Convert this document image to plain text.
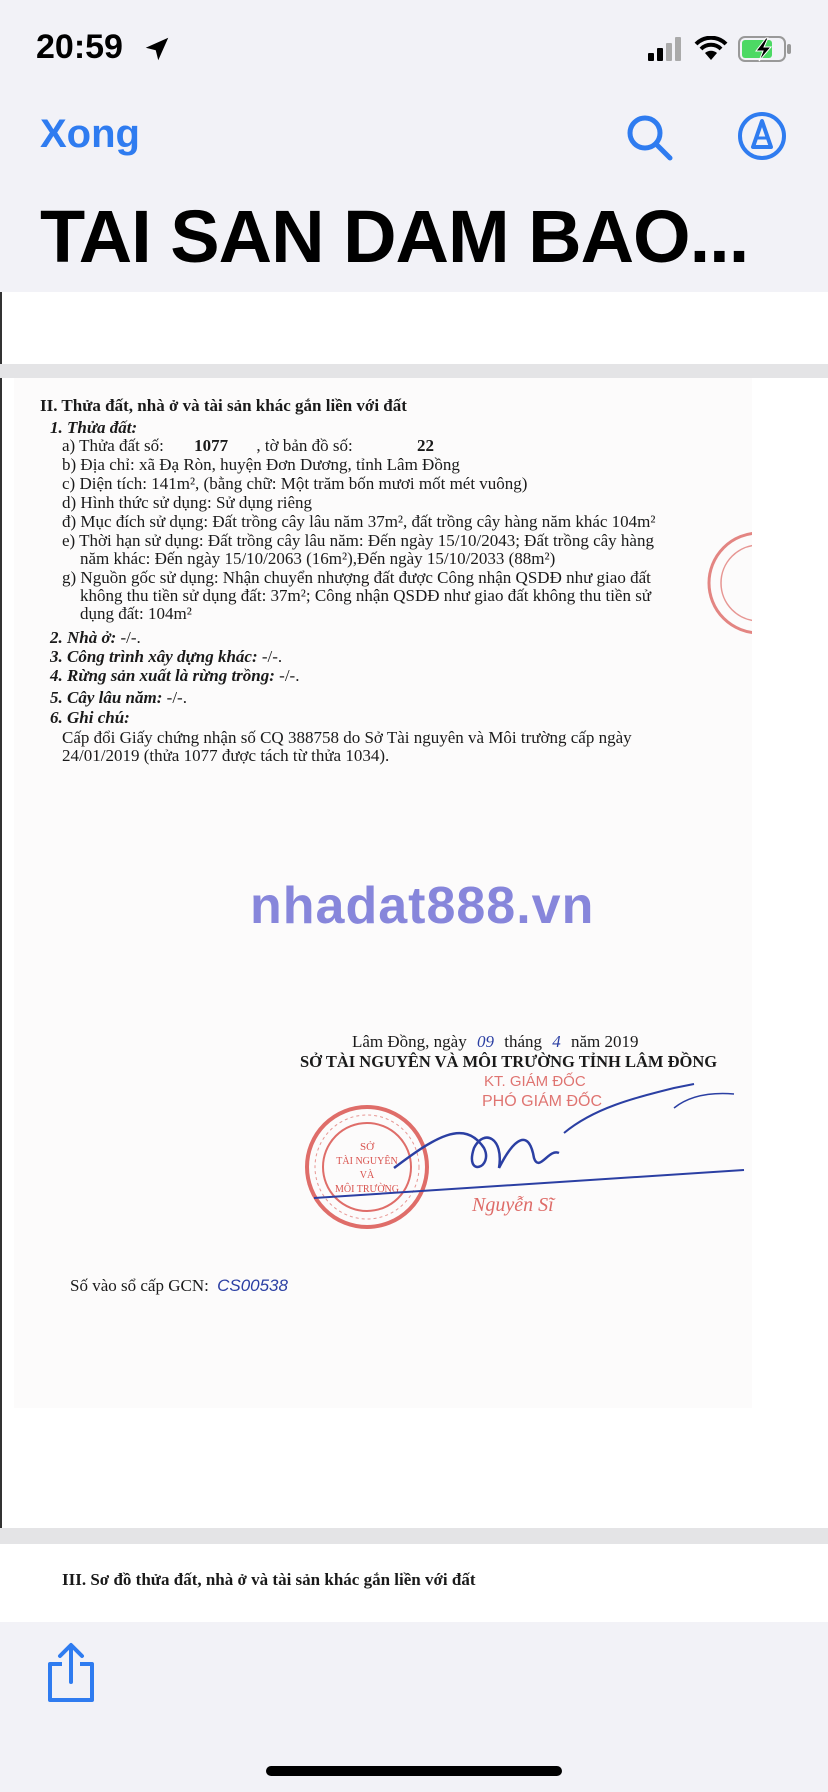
20:59
Xong
TAI SAN DAM BAO...
II. Thửa đất, nhà ở và tài sản khác gắn liền với đất
1. Thửa đất:
a) Thửa đất số: 1077 , tờ bản đồ số:	22
b) Địa chỉ: xã Đạ Ròn, huyện Đơn Dương, tỉnh Lâm Đồng
c) Diện tích: 141m², (bằng chữ: Một trăm bốn mươi mốt mét vuông)
d) Hình thức sử dụng: Sử dụng riêng
đ) Mục đích sử dụng: Đất trồng cây lâu năm 37m², đất trồng cây hàng năm khác 104m²
e) Thời hạn sử dụng: Đất trồng cây lâu năm: Đến ngày 15/10/2043; Đất trồng cây hàng
năm khác: Đến ngày 15/10/2063 (16m²),Đến ngày 15/10/2033 (88m²)
g) Nguồn gốc sử dụng: Nhận chuyển nhượng đất được Công nhận QSDĐ như giao đất
không thu tiền sử dụng đất: 37m²; Công nhận QSDĐ như giao đất không thu tiền sử
dụng đất: 104m²
2. Nhà ở: -/-.
3. Công trình xây dựng khác: -/-.
4. Rừng sản xuất là rừng trồng: -/-.
5. Cây lâu năm: -/-.
6. Ghi chú:
Cấp đổi Giấy chứng nhận số CQ 388758 do Sở Tài nguyên và Môi trường cấp ngày
24/01/2019 (thửa 1077 được tách từ thửa 1034).
nhadat888.vn
Lâm Đồng, ngày 09 tháng 4 năm 2019
SỞ TÀI NGUYÊN VÀ MÔI TRƯỜNG TỈNH LÂM ĐỒNG
KT. GIÁM ĐỐC
PHÓ GIÁM ĐỐC
SỞ
TÀI NGUYÊN
VÀ
MÔI TRƯỜNG
Nguyễn Sĩ
Số vào sổ cấp GCN: CS00538
III. Sơ đồ thửa đất, nhà ở và tài sản khác gắn liền với đất
